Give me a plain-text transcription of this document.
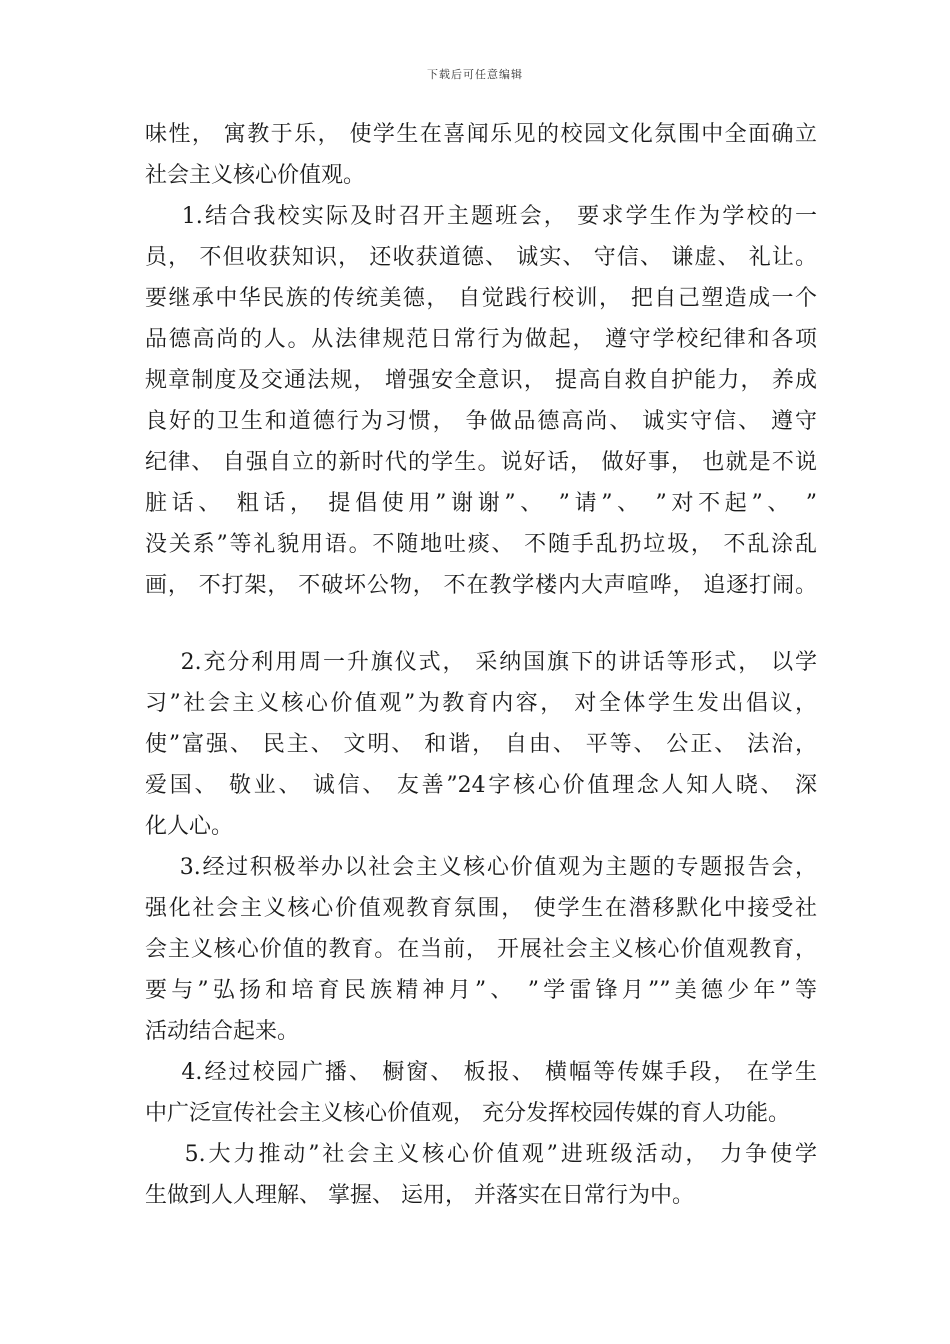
下载后可任意编辑
味性， 寓教于乐， 使学生在喜闻乐见的校园文化氛围中全面确立
社会主义核心价值观。
1.结合我校实际及时召开主题班会， 要求学生作为学校的一
员， 不但收获知识， 还收获道德、 诚实、 守信、 谦虚、 礼让。
要继承中华民族的传统美德， 自觉践行校训， 把自己塑造成一个
品德高尚的人。从法律规范日常行为做起， 遵守学校纪律和各项
规章制度及交通法规， 增强安全意识， 提高自救自护能力， 养成
良好的卫生和道德行为习惯， 争做品德高尚、 诚实守信、 遵守
纪律、 自强自立的新时代的学生。说好话， 做好事， 也就是不说
脏话、 粗话， 提倡使用”谢谢”、 ”请”、 ”对不起”、 ”
没关系”等礼貌用语。不随地吐痰、 不随手乱扔垃圾， 不乱涂乱
画， 不打架， 不破坏公物， 不在教学楼内大声喧哗， 追逐打闹。
2.充分利用周一升旗仪式， 采纳国旗下的讲话等形式， 以学
习”社会主义核心价值观”为教育内容， 对全体学生发出倡议，
使”富强、 民主、 文明、 和谐， 自由、 平等、 公正、 法治，
爱国、 敬业、 诚信、 友善”24字核心价值理念人知人晓、 深
化人心。
3.经过积极举办以社会主义核心价值观为主题的专题报告会，
强化社会主义核心价值观教育氛围， 使学生在潜移默化中接受社
会主义核心价值的教育。在当前， 开展社会主义核心价值观教育，
要与”弘扬和培育民族精神月”、 ”学雷锋月””美德少年”等
活动结合起来。
4.经过校园广播、 橱窗、 板报、 横幅等传媒手段， 在学生
中广泛宣传社会主义核心价值观， 充分发挥校园传媒的育人功能。
5.大力推动”社会主义核心价值观”进班级活动， 力争使学
生做到人人理解、 掌握、 运用， 并落实在日常行为中。
